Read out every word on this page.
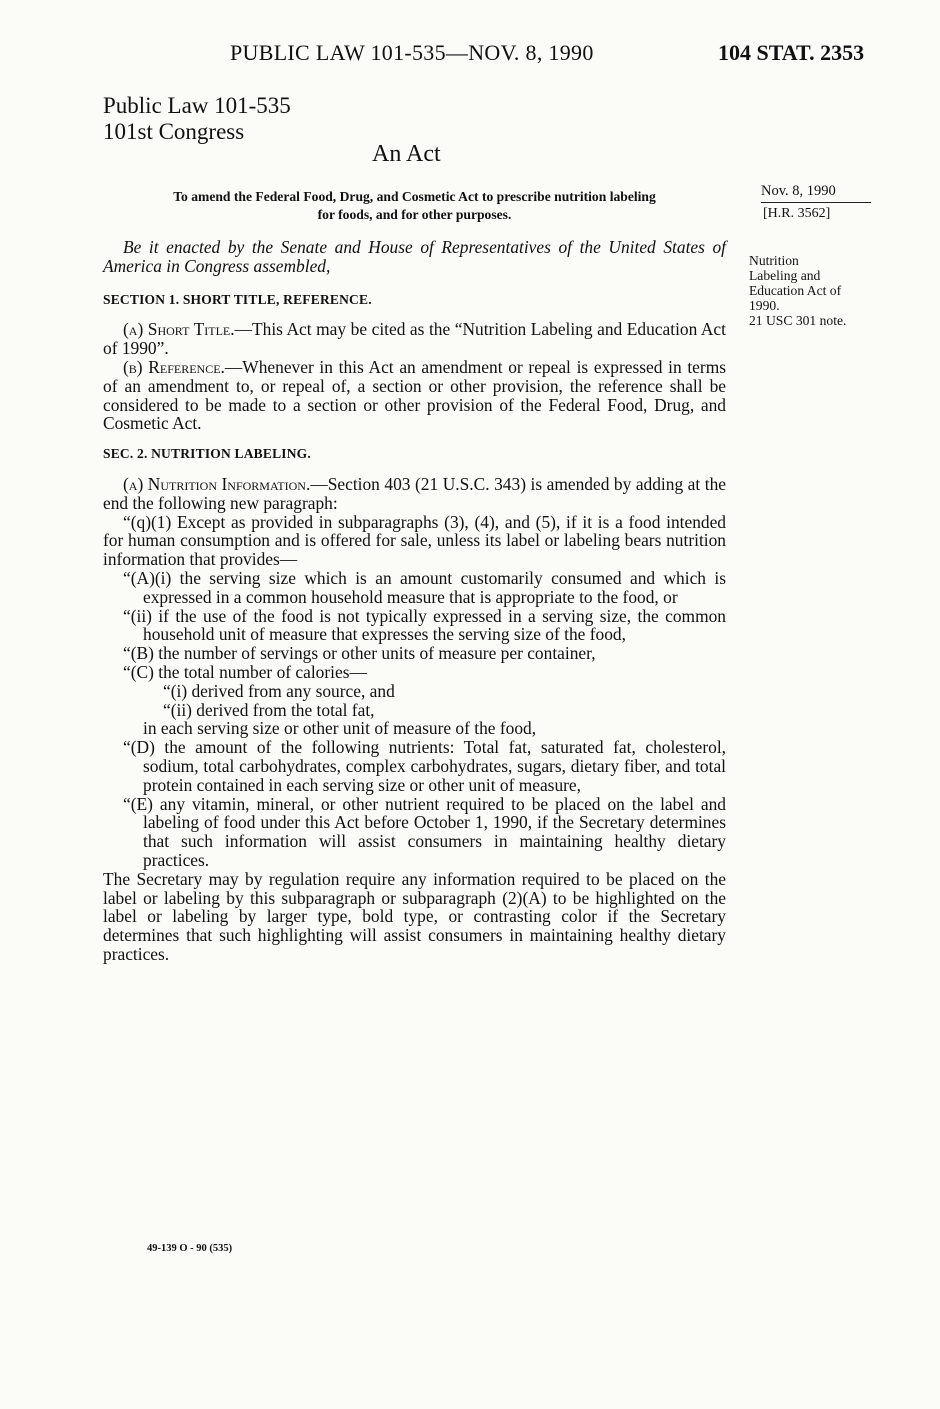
PUBLIC LAW 101-535—NOV. 8, 1990	104 STAT. 2353
Public Law 101-535
101st Congress
An Act
To amend the Federal Food, Drug, and Cosmetic Act to prescribe nutrition labeling
for foods, and for other purposes.
Nov. 8, 1990
[H.R. 3562]
Nutrition
Labeling and
Education Act of
1990.
21 USC 301 note.

Be it enacted by the Senate and House of Representatives of the United States of America in Congress assembled,

SECTION 1. SHORT TITLE, REFERENCE.

(a) Short Title.—This Act may be cited as the “Nutrition Labeling and Education Act of 1990”.

(b) Reference.—Whenever in this Act an amendment or repeal is expressed in terms of an amendment to, or repeal of, a section or other provision, the reference shall be considered to be made to a section or other provision of the Federal Food, Drug, and Cosmetic Act.

SEC. 2. NUTRITION LABELING.

(a) Nutrition Information.—Section 403 (21 U.S.C. 343) is amended by adding at the end the following new paragraph:

“(q)(1) Except as provided in subparagraphs (3), (4), and (5), if it is a food intended for human consumption and is offered for sale, unless its label or labeling bears nutrition information that provides—

“(A)(i) the serving size which is an amount customarily consumed and which is expressed in a common household measure that is appropriate to the food, or

“(ii) if the use of the food is not typically expressed in a serving size, the common household unit of measure that expresses the serving size of the food,

“(B) the number of servings or other units of measure per container,

“(C) the total number of calories—

“(i) derived from any source, and

“(ii) derived from the total fat,

in each serving size or other unit of measure of the food,

“(D) the amount of the following nutrients: Total fat, saturated fat, cholesterol, sodium, total carbohydrates, complex carbohydrates, sugars, dietary fiber, and total protein contained in each serving size or other unit of measure,

“(E) any vitamin, mineral, or other nutrient required to be placed on the label and labeling of food under this Act before October 1, 1990, if the Secretary determines that such information will assist consumers in maintaining healthy dietary practices.

The Secretary may by regulation require any information required to be placed on the label or labeling by this subparagraph or subparagraph (2)(A) to be highlighted on the label or labeling by larger type, bold type, or contrasting color if the Secretary determines that such highlighting will assist consumers in maintaining healthy dietary practices.

49-139 O - 90 (535)
